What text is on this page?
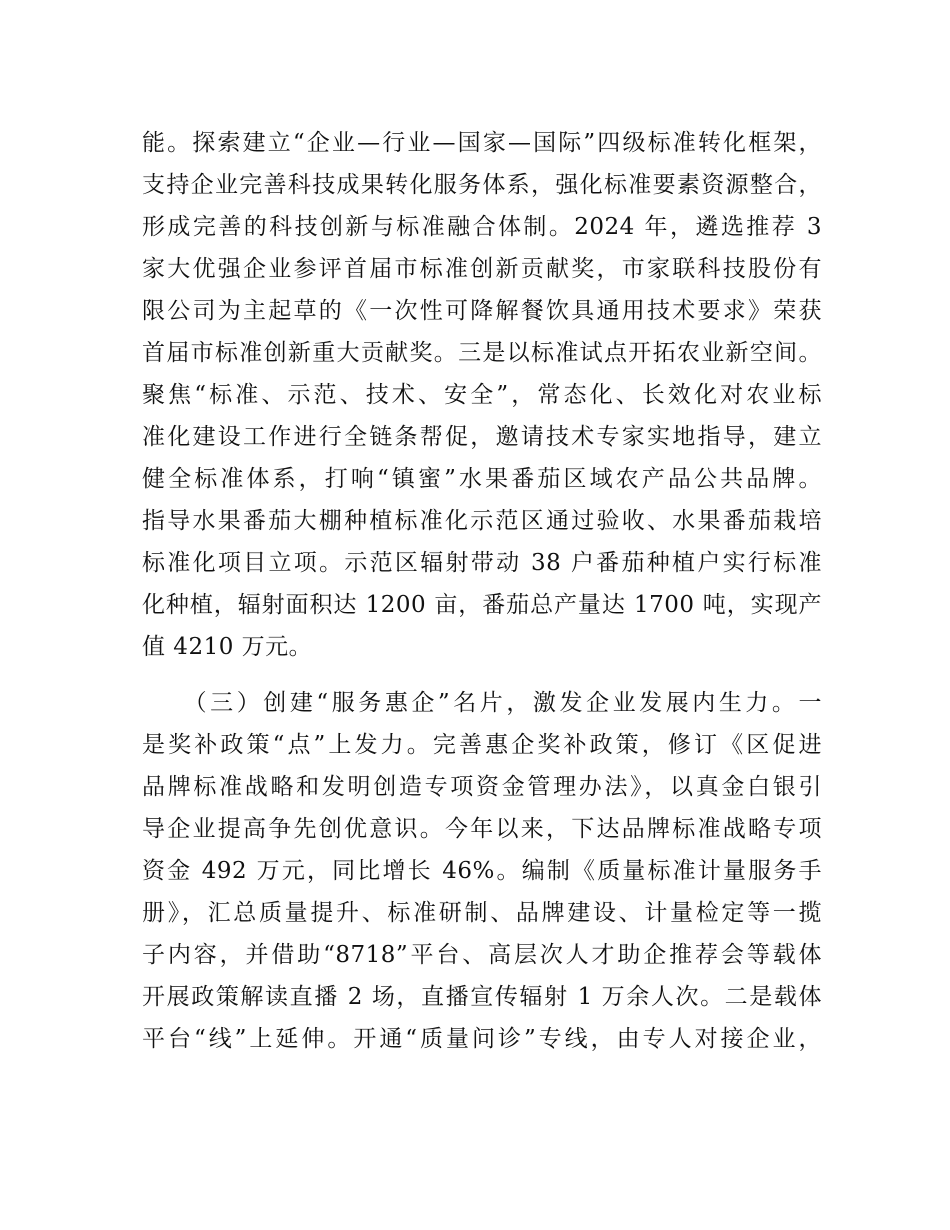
能。探索建立“企业—行业—国家—国际”四级标准转化框架，
支持企业完善科技成果转化服务体系，强化标准要素资源整合，
形成完善的科技创新与标准融合体制。2024 年，遴选推荐 3
家大优强企业参评首届市标准创新贡献奖，市家联科技股份有
限公司为主起草的《一次性可降解餐饮具通用技术要求》荣获
首届市标准创新重大贡献奖。三是以标准试点开拓农业新空间。
聚焦“标准、示范、技术、安全”，常态化、长效化对农业标
准化建设工作进行全链条帮促，邀请技术专家实地指导，建立
健全标准体系，打响“镇蜜”水果番茄区域农产品公共品牌。
指导水果番茄大棚种植标准化示范区通过验收、水果番茄栽培
标准化项目立项。示范区辐射带动 38 户番茄种植户实行标准
化种植，辐射面积达 1200 亩，番茄总产量达 1700 吨，实现产
值 4210 万元。
　　（三）创建“服务惠企”名片，激发企业发展内生力。一
是奖补政策“点”上发力。完善惠企奖补政策，修订《区促进
品牌标准战略和发明创造专项资金管理办法》，以真金白银引
导企业提高争先创优意识。今年以来，下达品牌标准战略专项
资金 492 万元，同比增长 46%。编制《质量标准计量服务手
册》，汇总质量提升、标准研制、品牌建设、计量检定等一揽
子内容，并借助“8718”平台、高层次人才助企推荐会等载体
开展政策解读直播 2 场，直播宣传辐射 1 万余人次。二是载体
平台“线”上延伸。开通“质量问诊”专线，由专人对接企业，
